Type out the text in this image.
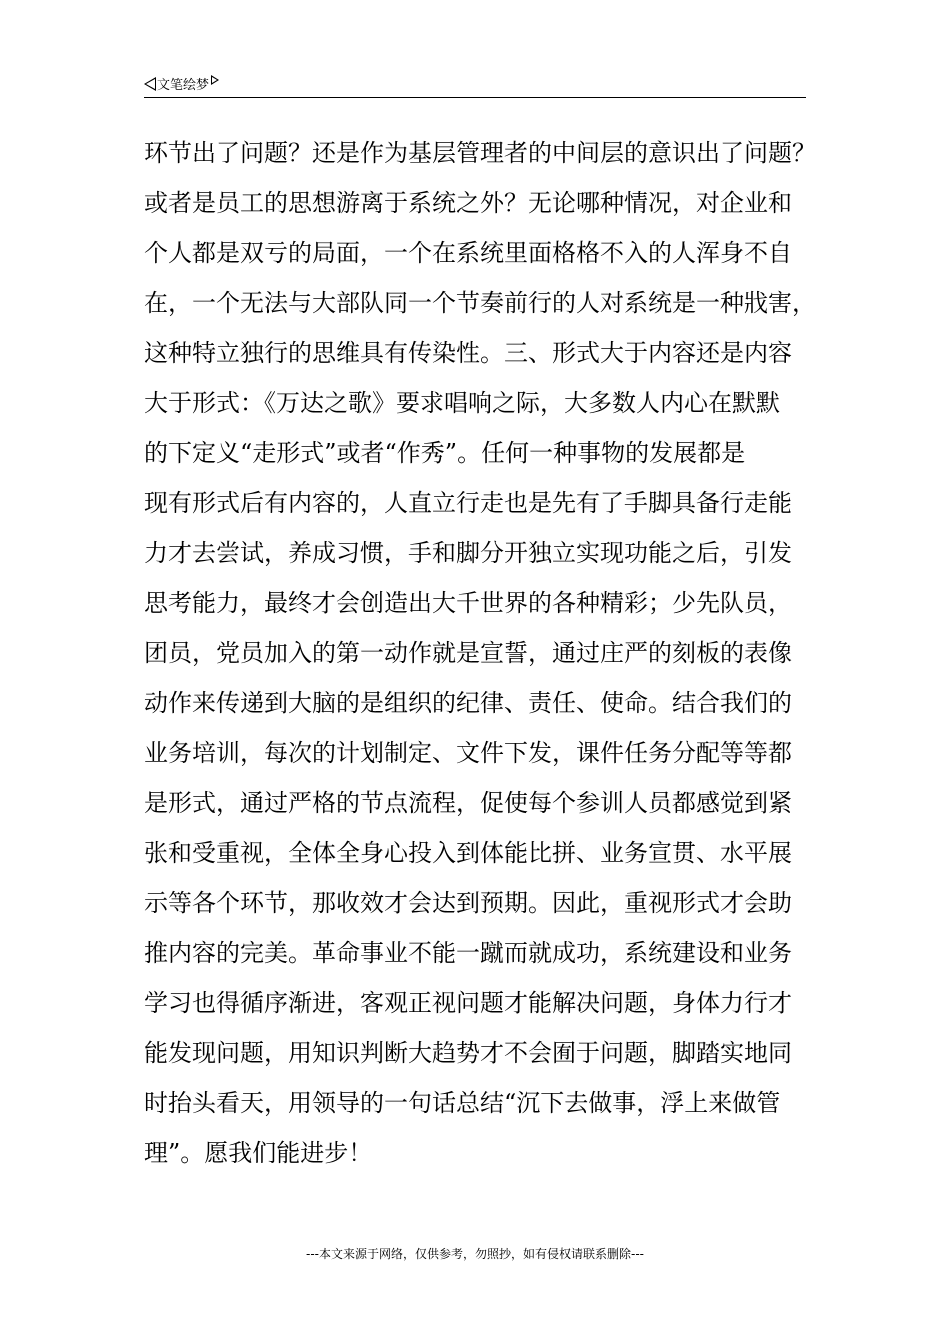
文笔绘梦
环节出了问题？还是作为基层管理者的中间层的意识出了问题？
或者是员工的思想游离于系统之外？无论哪种情况，对企业和
个人都是双亏的局面，一个在系统里面格格不入的人浑身不自
在，一个无法与大部队同一个节奏前行的人对系统是一种戕害，
这种特立独行的思维具有传染性。三、形式大于内容还是内容
大于形式：《万达之歌》要求唱响之际，大多数人内心在默默
的下定义“走形式”或者“作秀”。任何一种事物的发展都是
现有形式后有内容的，人直立行走也是先有了手脚具备行走能
力才去尝试，养成习惯，手和脚分开独立实现功能之后，引发
思考能力，最终才会创造出大千世界的各种精彩；少先队员，
团员，党员加入的第一动作就是宣誓，通过庄严的刻板的表像
动作来传递到大脑的是组织的纪律、责任、使命。结合我们的
业务培训，每次的计划制定、文件下发，课件任务分配等等都
是形式，通过严格的节点流程，促使每个参训人员都感觉到紧
张和受重视，全体全身心投入到体能比拼、业务宣贯、水平展
示等各个环节，那收效才会达到预期。因此，重视形式才会助
推内容的完美。革命事业不能一蹴而就成功，系统建设和业务
学习也得循序渐进，客观正视问题才能解决问题，身体力行才
能发现问题，用知识判断大趋势才不会囿于问题，脚踏实地同
时抬头看天，用领导的一句话总结“沉下去做事，浮上来做管
理”。愿我们能进步！
---本文来源于网络，仅供参考，勿照抄，如有侵权请联系删除---
